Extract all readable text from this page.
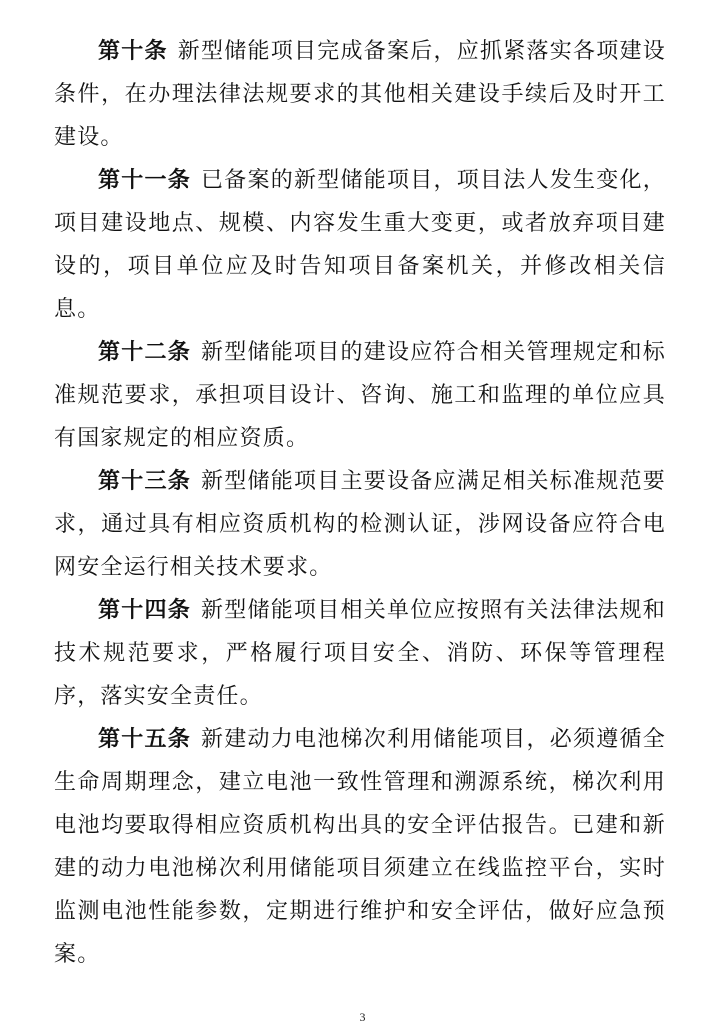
第十条 新型储能项目完成备案后，应抓紧落实各项建设条件，在办理法律法规要求的其他相关建设手续后及时开工建设。

第十一条 已备案的新型储能项目，项目法人发生变化，项目建设地点、规模、内容发生重大变更，或者放弃项目建设的，项目单位应及时告知项目备案机关，并修改相关信息。

第十二条 新型储能项目的建设应符合相关管理规定和标准规范要求，承担项目设计、咨询、施工和监理的单位应具有国家规定的相应资质。

第十三条 新型储能项目主要设备应满足相关标准规范要求，通过具有相应资质机构的检测认证，涉网设备应符合电网安全运行相关技术要求。

第十四条 新型储能项目相关单位应按照有关法律法规和技术规范要求，严格履行项目安全、消防、环保等管理程序，落实安全责任。

第十五条 新建动力电池梯次利用储能项目，必须遵循全生命周期理念，建立电池一致性管理和溯源系统，梯次利用电池均要取得相应资质机构出具的安全评估报告。已建和新建的动力电池梯次利用储能项目须建立在线监控平台，实时监测电池性能参数，定期进行维护和安全评估，做好应急预案。

3
